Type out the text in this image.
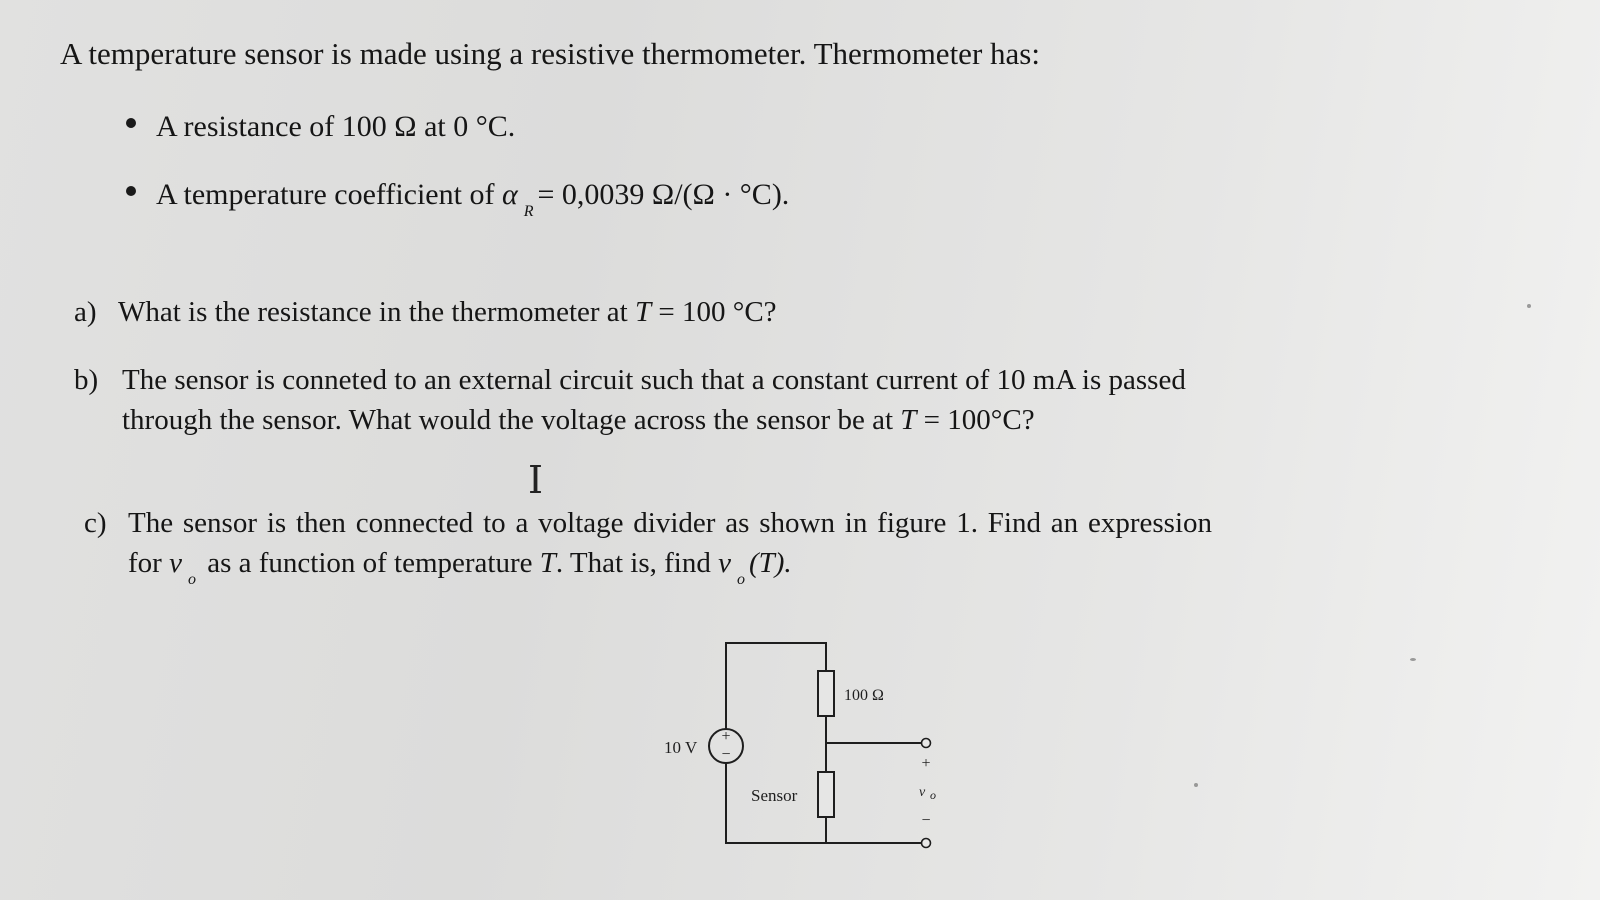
A temperature sensor is made using a resistive thermometer. Thermometer has:

A resistance of 100 Ω at 0 °C.
A temperature coefficient of
α
R
= 0,0039 Ω/(Ω · °C).
a) What is the resistance in the thermometer at T = 100 °C?
b) The sensor is conneted to an external circuit such that a constant current of 10 mA is passed through the sensor. What would the voltage across the sensor be at T = 100°C?
I
c) The sensor is then connected to a voltage divider as shown in figure 1. Find an expression for $v_o$ as a function of temperature T. That is, find $v_o(T)$.
+
−
10 V
100 Ω
Sensor
+
v o
−
